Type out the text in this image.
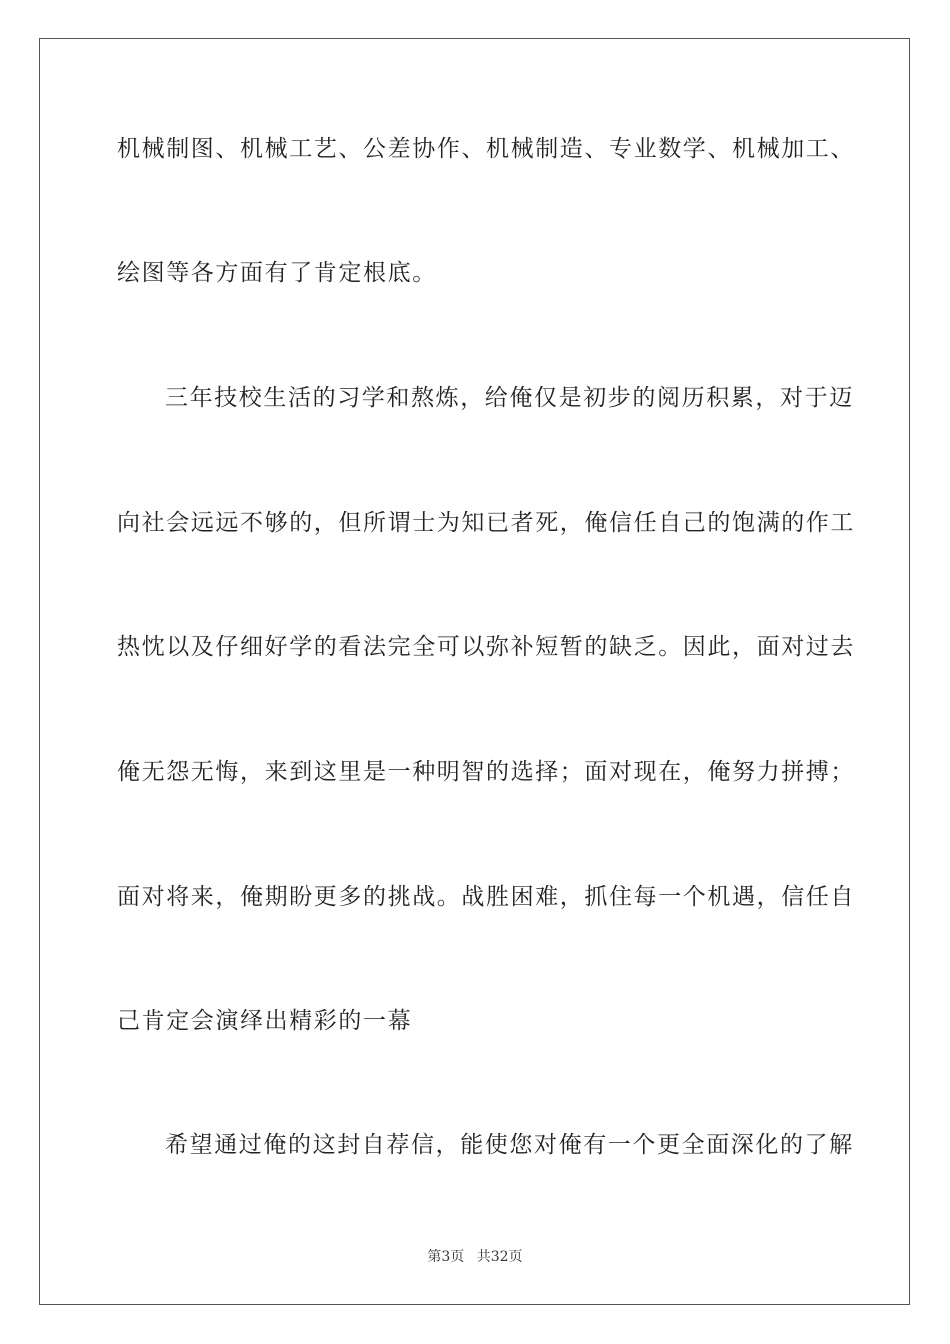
机械制图、机械工艺、公差协作、机械制造、专业数学、机械加工、
绘图等各方面有了肯定根底。
三年技校生活的习学和熬炼，给俺仅是初步的阅历积累，对于迈
向社会远远不够的，但所谓士为知已者死，俺信任自己的饱满的作工
热忱以及仔细好学的看法完全可以弥补短暂的缺乏。因此，面对过去
俺无怨无悔，来到这里是一种明智的选择；面对现在，俺努力拼搏；
面对将来，俺期盼更多的挑战。战胜困难，抓住每一个机遇，信任自
己肯定会演绎出精彩的一幕
希望通过俺的这封自荐信，能使您对俺有一个更全面深化的了解
第3页 共32页
